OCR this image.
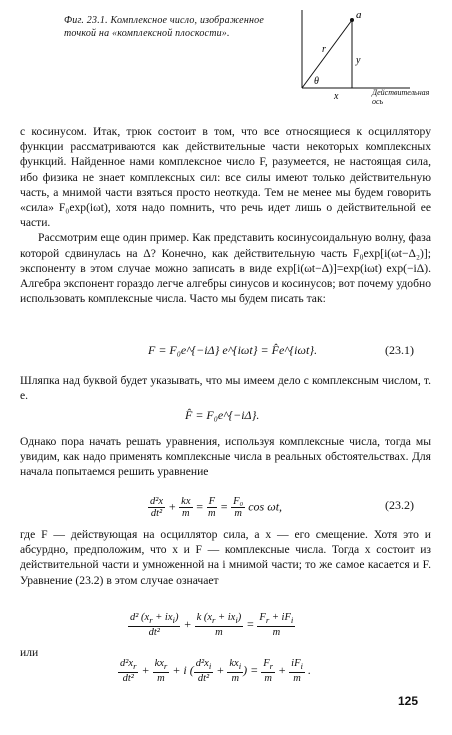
Фиг. 23.1. Комплексное число, изображенное точкой на «комплексной плоскости».
a
r
y
θ
x	Действительная ось

с косинусом. Итак, трюк состоит в том, что все относящиеся к осциллятору функции рассматриваются как действительные части некоторых комплексных функций. Найденное нами комплексное число F, разумеется, не настоящая сила, ибо физика не знает комплексных сил: все силы имеют только действительную часть, а мнимой части взяться просто неоткуда. Тем не менее мы будем говорить «сила» F₀exp(iωt), хотя надо помнить, что речь идет лишь о действительной ее части.

Рассмотрим еще один пример. Как представить косинусоидальную волну, фаза которой сдвинулась на Δ? Конечно, как действительную часть F₀exp[i(ωt−Δ₂)]; экспоненту в этом случае можно записать в виде exp[i(ωt−Δ)]=exp(iωt) exp(−iΔ). Алгебра экспонент гораздо легче алгебры синусов и косинусов; вот почему удобно использовать комплексные числа. Часто мы будем писать так:

F = F₀e^{−iΔ} e^{iωt} = F̂e^{iωt}.	(23.1)
Шляпка над буквой будет указывать, что мы имеем дело с комплексным числом, т. е.
F̂ = F₀e^{−iΔ}.
Однако пора начать решать уравнения, используя комплексные числа, тогда мы увидим, как надо применять комплексные числа в реальных обстоятельствах. Для начала попытаемся решить уравнение
$\frac{\text{d²x}}{\text{dt²}} + \frac{kx}{m} = \frac{F}{m} = \frac{\text{F₀}}{m}$ cos ωt,	(23.2)
где F — действующая на осциллятор сила, а x — его смещение. Хотя это и абсурдно, предположим, что x и F — комплексные числа. Тогда x состоит из действительной части и умноженной на i мнимой части; то же самое касается и F. Уравнение (23.2) в этом случае означает
$\frac{d^2 (x_r + ix_i)}{\text{dt²}} + \frac{k (x_r + ix_i)}{m} = \frac{F_r + iF_i}{m}$
или
$\frac{d^2x_r}{\text{dt²}} + \frac{kx_r}{m} + i$ ( $\frac{d^2x_i}{\text{dt²}} + \frac{kx_i}{m}$ ) = $\frac{F_r}{m} + \frac{iF_i}{m}$ .
125
